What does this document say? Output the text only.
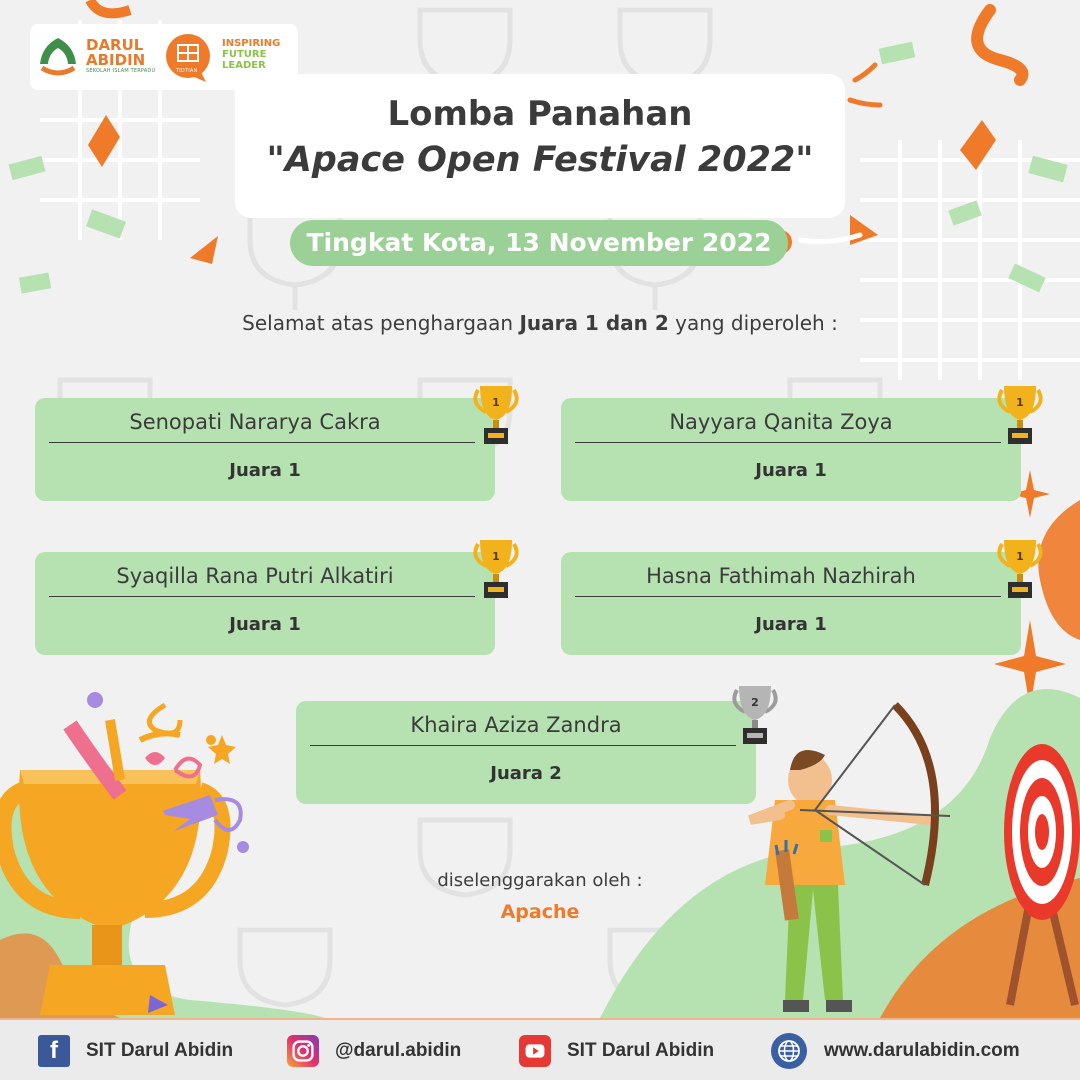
DARUL
ABIDIN
SEKOLAH ISLAM TERPADU	TIDTIAN
INSPIRING
FUTURE
LEADER
Lomba Panahan
"Apace Open Festival 2022"
Tingkat Kota, 13 November 2022
Selamat atas penghargaan Juara 1 dan 2 yang diperoleh :
Senopati Nararya Cakra
Juara 1
Nayyara Qanita Zoya
Juara 1
Syaqilla Rana Putri Alkatiri
Juara 1
Hasna Fathimah Nazhirah
Juara 1
Khaira Aziza Zandra
Juara 2
1	1
1	1
2
diselenggarakan oleh :
Apache
f	SIT Darul Abidin	@darul.abidin	SIT Darul Abidin	www.darulabidin.com
